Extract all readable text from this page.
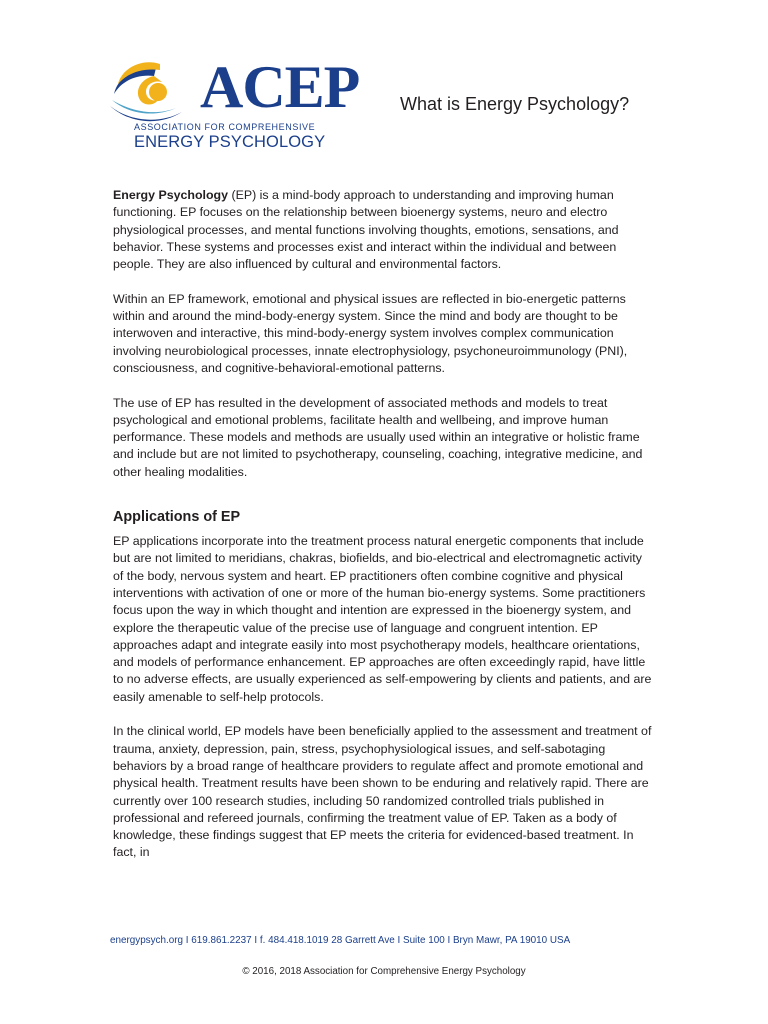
ACEP
ASSOCIATION FOR COMPREHENSIVE
ENERGY PSYCHOLOGY
What is Energy Psychology?

Energy Psychology (EP) is a mind-body approach to understanding and improving human functioning. EP focuses on the relationship between bioenergy systems, neuro and electro physiological processes, and mental functions involving thoughts, emotions, sensations, and behavior. These systems and processes exist and interact within the individual and between people. They are also influenced by cultural and environmental factors.

Within an EP framework, emotional and physical issues are reflected in bio-energetic patterns within and around the mind-body-energy system. Since the mind and body are thought to be interwoven and interactive, this mind-body-energy system involves complex communication involving neurobiological processes, innate electrophysiology, psychoneuroimmunology (PNI), consciousness, and cognitive-behavioral-emotional patterns.

The use of EP has resulted in the development of associated methods and models to treat psychological and emotional problems, facilitate health and wellbeing, and improve human performance. These models and methods are usually used within an integrative or holistic frame and include but are not limited to psychotherapy, counseling, coaching, integrative medicine, and other healing modalities.

Applications of EP

EP applications incorporate into the treatment process natural energetic components that include but are not limited to meridians, chakras, biofields, and bio-electrical and electromagnetic activity of the body, nervous system and heart. EP practitioners often combine cognitive and physical interventions with activation of one or more of the human bio-energy systems. Some practitioners focus upon the way in which thought and intention are expressed in the bioenergy system, and explore the therapeutic value of the precise use of language and congruent intention. EP approaches adapt and integrate easily into most psychotherapy models, healthcare orientations, and models of performance enhancement. EP approaches are often exceedingly rapid, have little to no adverse effects, are usually experienced as self-empowering by clients and patients, and are easily amenable to self-help protocols.

In the clinical world, EP models have been beneficially applied to the assessment and treatment of trauma, anxiety, depression, pain, stress, psychophysiological issues, and self-sabotaging behaviors by a broad range of healthcare providers to regulate affect and promote emotional and physical health. Treatment results have been shown to be enduring and relatively rapid. There are currently over 100 research studies, including 50 randomized controlled trials published in professional and refereed journals, confirming the treatment value of EP. Taken as a body of knowledge, these findings suggest that EP meets the criteria for evidenced-based treatment. In fact, in

energypsych.org I 619.861.2237 I f. 484.418.1019 28 Garrett Ave I Suite 100 I Bryn Mawr, PA 19010 USA
© 2016, 2018 Association for Comprehensive Energy Psychology
